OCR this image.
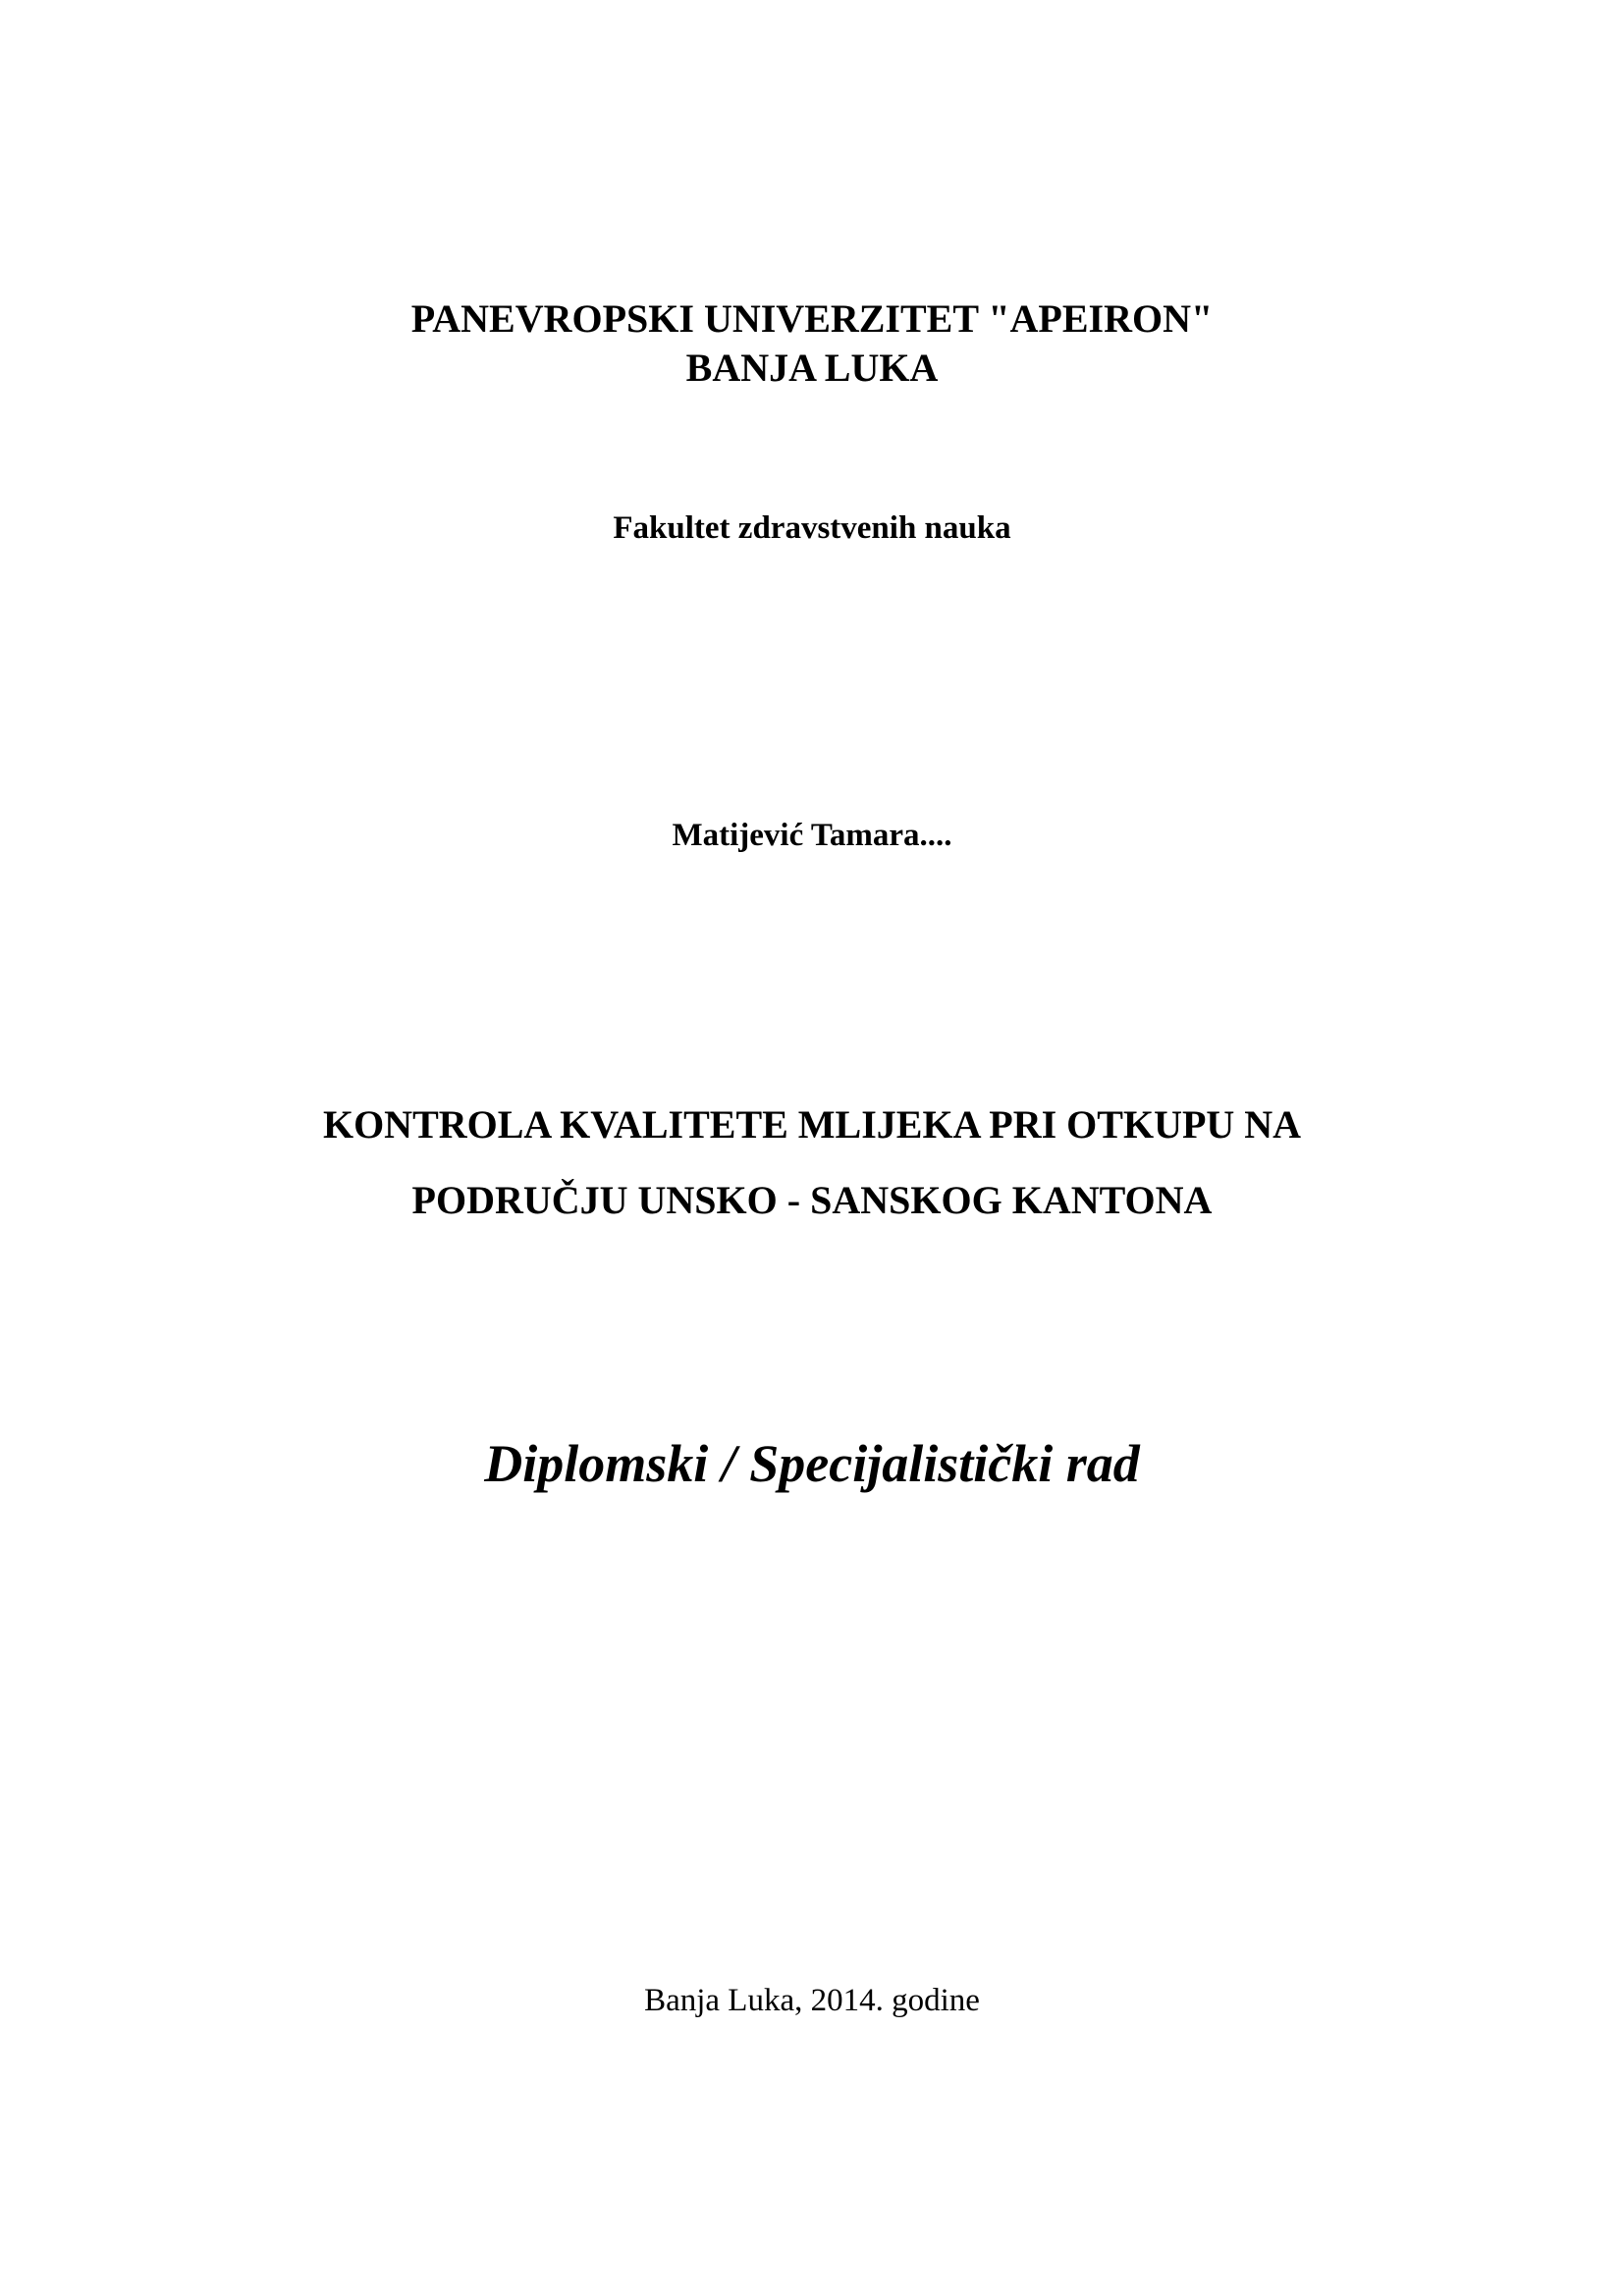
PANEVROPSKI UNIVERZITET "APEIRON"
BANJA LUKA
Fakultet zdravstvenih nauka
Matijević Tamara....
KONTROLA KVALITETE MLIJEKA PRI OTKUPU NA
PODRUČJU UNSKO - SANSKOG KANTONA
Diplomski / Specijalistički rad
Banja Luka, 2014. godine
